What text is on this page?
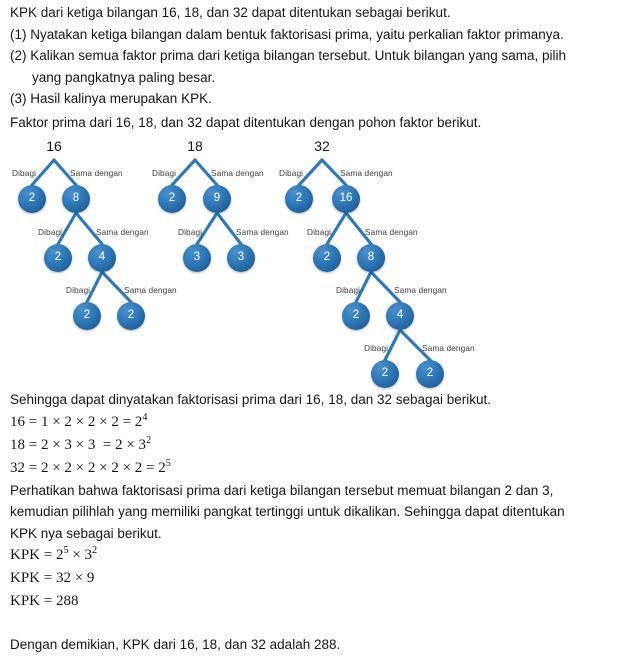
KPK dari ketiga bilangan 16, 18, dan 32 dapat ditentukan sebagai berikut.

(1) Nyatakan ketiga bilangan dalam bentuk faktorisasi prima, yaitu perkalian faktor primanya.

(2) Kalikan semua faktor prima dari ketiga bilangan tersebut. Untuk bilangan yang sama, pilih

yang pangkatnya paling besar.

(3) Hasil kalinya merupakan KPK.

Faktor prima dari 16, 18, dan 32 dapat ditentukan dengan pohon faktor berikut.

16
2	8
2	4
2	2
Dibagi	Sama dengan
Dibagi	Sama dengan
Dibagi	Sama dengan
18
2	9
3	3
Dibagi	Sama dengan
Dibagi	Sama dengan
32
2	16
2	8
2	4
2	2
Dibagi	Sama dengan
Dibagi	Sama dengan
Dibagi	Sama dengan
Dibagi	Sama dengan

Sehingga dapat dinyatakan faktorisasi prima dari 16, 18, dan 32 sebagai berikut.

$16 = 1 \times 2 \times 2 \times 2 = 2^4$

$18 = 2 \times 3 \times 3 = 2 \times 3^2$

$32 = 2 \times 2 \times 2 \times 2 \times 2 = 2^5$

Perhatikan bahwa faktorisasi prima dari ketiga bilangan tersebut memuat bilangan 2 dan 3,

kemudian pilihlah yang memiliki pangkat tertinggi untuk dikalikan. Sehingga dapat ditentukan

KPK nya sebagai berikut.

KPK = $2^5 \times 3^2$

KPK = 32 × 9

KPK = 288

Dengan demikian, KPK dari 16, 18, dan 32 adalah 288.
